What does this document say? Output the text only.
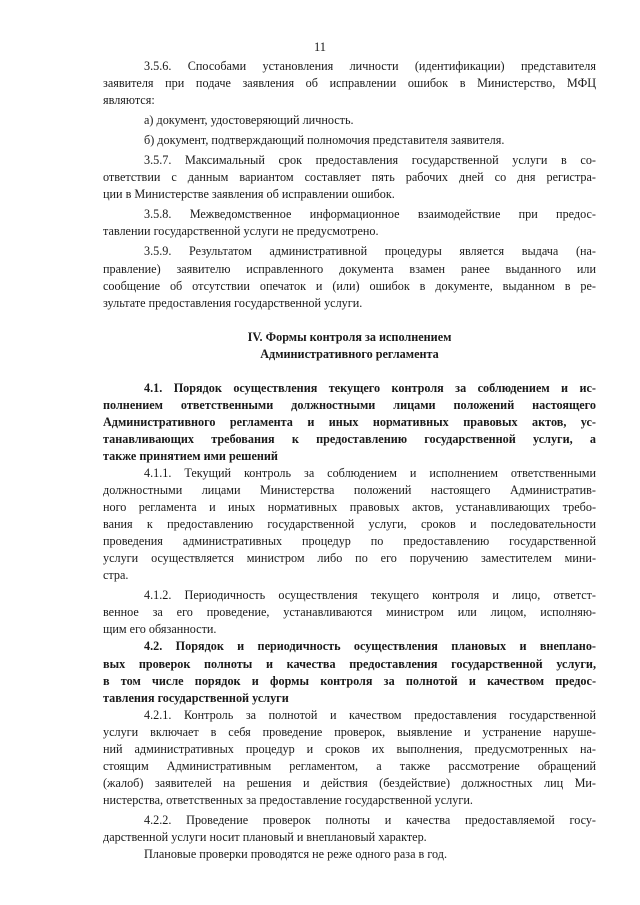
11
3.5.6. Способами установления личности (идентификации) представителя
заявителя при подаче заявления об исправлении ошибок в Министерство, МФЦ
являются:
а) документ, удостоверяющий личность.
б) документ, подтверждающий полномочия представителя заявителя.
3.5.7. Максимальный срок предоставления государственной услуги в со-
ответствии с данным вариантом составляет пять рабочих дней со дня регистра-
ции в Министерстве заявления об исправлении ошибок.
3.5.8. Межведомственное информационное взаимодействие при предос-
тавлении государственной услуги не предусмотрено.
3.5.9. Результатом административной процедуры является выдача (на-
правление) заявителю исправленного документа взамен ранее выданного или
сообщение об отсутствии опечаток и (или) ошибок в документе, выданном в ре-
зультате предоставления государственной услуги.
IV. Формы контроля за исполнением
Административного регламента
4.1. Порядок осуществления текущего контроля за соблюдением и ис-
полнением ответственными должностными лицами положений настоящего
Административного регламента и иных нормативных правовых актов, ус-
танавливающих требования к предоставлению государственной услуги, а
также принятием ими решений
4.1.1. Текущий контроль за соблюдением и исполнением ответственными
должностными лицами Министерства положений настоящего Административ-
ного регламента и иных нормативных правовых актов, устанавливающих требо-
вания к предоставлению государственной услуги, сроков и последовательности
проведения административных процедур по предоставлению государственной
услуги осуществляется министром либо по его поручению заместителем мини-
стра.
4.1.2. Периодичность осуществления текущего контроля и лицо, ответст-
венное за его проведение, устанавливаются министром или лицом, исполняю-
щим его обязанности.
4.2. Порядок и периодичность осуществления плановых и внеплано-
вых проверок полноты и качества предоставления государственной услуги,
в том числе порядок и формы контроля за полнотой и качеством предос-
тавления государственной услуги
4.2.1. Контроль за полнотой и качеством предоставления государственной
услуги включает в себя проведение проверок, выявление и устранение наруше-
ний административных процедур и сроков их выполнения, предусмотренных на-
стоящим Административным регламентом, а также рассмотрение обращений
(жалоб) заявителей на решения и действия (бездействие) должностных лиц Ми-
нистерства, ответственных за предоставление государственной услуги.
4.2.2. Проведение проверок полноты и качества предоставляемой госу-
дарственной услуги носит плановый и внеплановый характер.
Плановые проверки проводятся не реже одного раза в год.
